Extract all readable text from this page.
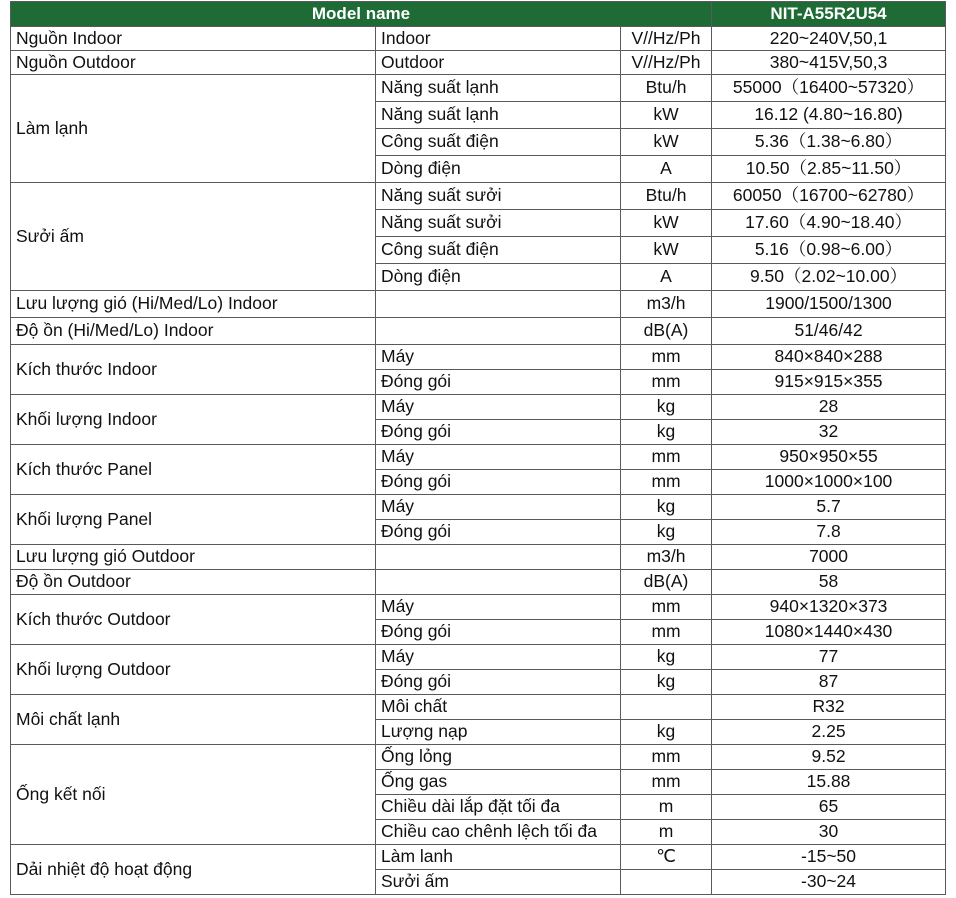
Model name			NIT-A55R2U54
Nguồn Indoor	Indoor	V//Hz/Ph	220~240V,50,1
Nguồn Outdoor	Outdoor	V//Hz/Ph	380~415V,50,3
Làm lạnh	Năng suất lạnh	Btu/h	55000（16400~57320）
	Năng suất lạnh	kW	16.12 (4.80~16.80)
	Công suất điện	kW	5.36（1.38~6.80）
	Dòng điện	A	10.50（2.85~11.50）
Sưởi ấm	Năng suất sưởi	Btu/h	60050（16700~62780）
	Năng suất sưởi	kW	17.60（4.90~18.40）
	Công suất điện	kW	5.16（0.98~6.00）
	Dòng điện	A	9.50（2.02~10.00）
Lưu lượng gió (Hi/Med/Lo) Indoor		m3/h	1900/1500/1300
Độ ồn (Hi/Med/Lo) Indoor		dB(A)	51/46/42
Kích thước Indoor	Máy	mm	840×840×288
	Đóng gói	mm	915×915×355
Khối lượng Indoor	Máy	kg	28
	Đóng gói	kg	32
Kích thước Panel	Máy	mm	950×950×55
	Đóng gói	mm	1000×1000×100
Khối lượng Panel	Máy	kg	5.7
	Đóng gói	kg	7.8
Lưu lượng gió Outdoor		m3/h	7000
Độ ồn Outdoor		dB(A)	58
Kích thước Outdoor	Máy	mm	940×1320×373
	Đóng gói	mm	1080×1440×430
Khối lượng Outdoor	Máy	kg	77
	Đóng gói	kg	87
Môi chất lạnh	Môi chất		R32
	Lượng nạp	kg	2.25
Ống kết nối	Ống lỏng	mm	9.52
	Ống gas	mm	15.88
	Chiều dài lắp đặt tối đa	m	65
	Chiều cao chênh lệch tối đa	m	30
Dải nhiệt độ hoạt động	Làm lanh	℃	-15~50
	Sưởi ấm		-30~24
